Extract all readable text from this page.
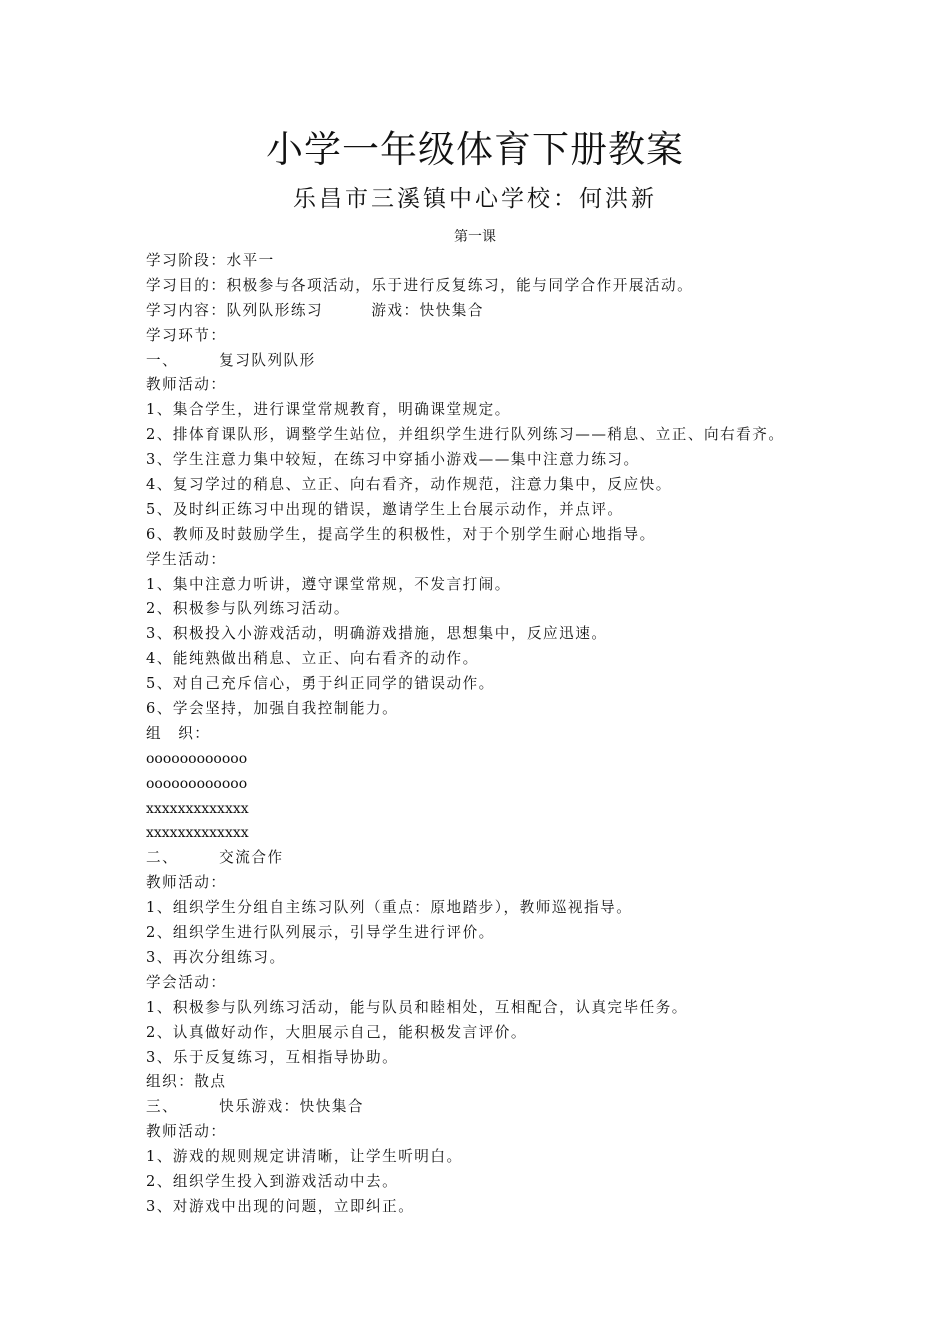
小学一年级体育下册教案
乐昌市三溪镇中心学校：何洪新
第一课
学习阶段：水平一
学习目的：积极参与各项活动，乐于进行反复练习，能与同学合作开展活动。
学习内容：队列队形练习　　　游戏：快快集合
学习环节：
一、　　　复习队列队形
教师活动：
1、集合学生，进行课堂常规教育，明确课堂规定。
2、排体育课队形，调整学生站位，并组织学生进行队列练习——稍息、立正、向右看齐。
3、学生注意力集中较短，在练习中穿插小游戏——集中注意力练习。
4、复习学过的稍息、立正、向右看齐，动作规范，注意力集中，反应快。
5、及时纠正练习中出现的错误，邀请学生上台展示动作，并点评。
6、教师及时鼓励学生，提高学生的积极性，对于个别学生耐心地指导。
学生活动：
1、集中注意力听讲，遵守课堂常规，不发言打闹。
2、积极参与队列练习活动。
3、积极投入小游戏活动，明确游戏措施，思想集中，反应迅速。
4、能纯熟做出稍息、立正、向右看齐的动作。
5、对自己充斥信心，勇于纠正同学的错误动作。
6、学会坚持，加强自我控制能力。
组　织：
oooooooooooo
oooooooooooo
xxxxxxxxxxxxx
xxxxxxxxxxxxx
二、　　　交流合作
教师活动：
1、组织学生分组自主练习队列（重点：原地踏步），教师巡视指导。
2、组织学生进行队列展示，引导学生进行评价。
3、再次分组练习。
学会活动：
1、积极参与队列练习活动，能与队员和睦相处，互相配合，认真完毕任务。
2、认真做好动作，大胆展示自己，能积极发言评价。
3、乐于反复练习，互相指导协助。
组织：散点
三、　　　快乐游戏：快快集合
教师活动：
1、游戏的规则规定讲清晰，让学生听明白。
2、组织学生投入到游戏活动中去。
3、对游戏中出现的问题，立即纠正。
